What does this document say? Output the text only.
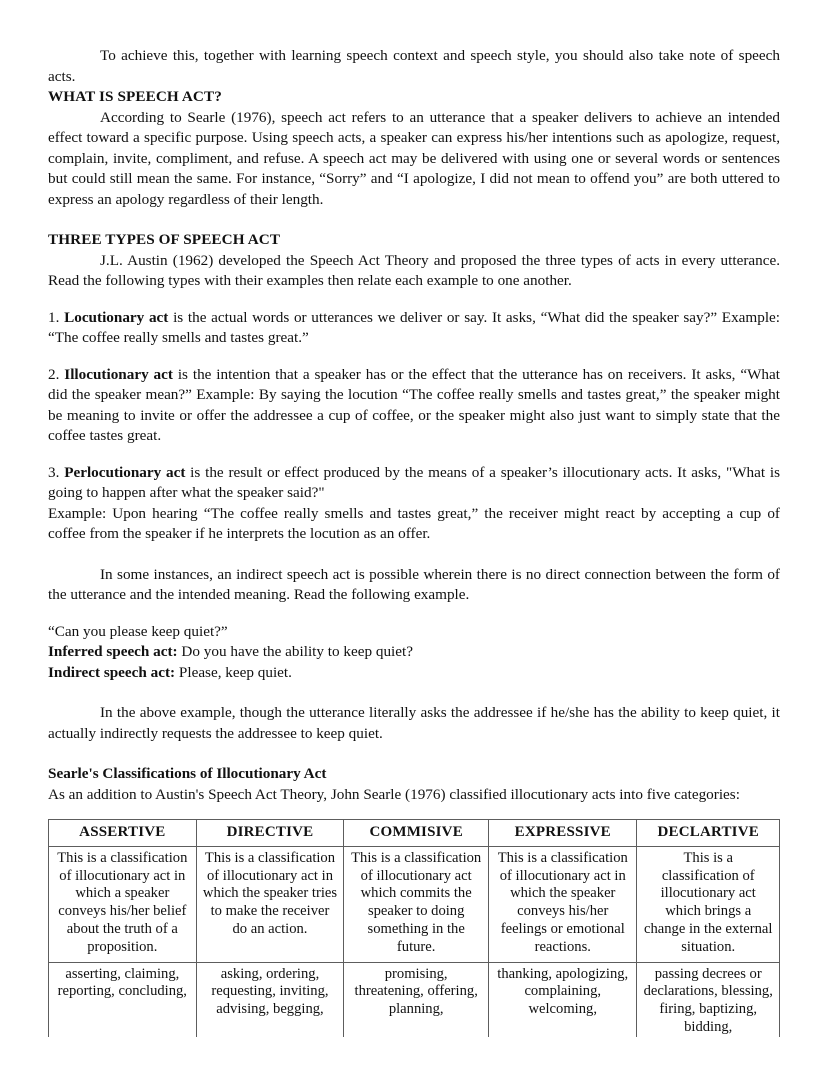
To achieve this, together with learning speech context and speech style, you should also take note of speech acts.

WHAT IS SPEECH ACT?

According to Searle (1976), speech act refers to an utterance that a speaker delivers to achieve an intended effect toward a specific purpose. Using speech acts, a speaker can express his/her intentions such as apologize, request, complain, invite, compliment, and refuse. A speech act may be delivered with using one or several words or sentences but could still mean the same. For instance, “Sorry” and “I apologize, I did not mean to offend you” are both uttered to express an apology regardless of their length.

THREE TYPES OF SPEECH ACT

J.L. Austin (1962) developed the Speech Act Theory and proposed the three types of acts in every utterance. Read the following types with their examples then relate each example to one another.

1. Locutionary act is the actual words or utterances we deliver or say. It asks, “What did the speaker say?” Example: “The coffee really smells and tastes great.”

2. Illocutionary act is the intention that a speaker has or the effect that the utterance has on receivers. It asks, “What did the speaker mean?” Example: By saying the locution “The coffee really smells and tastes great,” the speaker might be meaning to invite or offer the addressee a cup of coffee, or the speaker might also just want to simply state that the coffee tastes great.

3. Perlocutionary act is the result or effect produced by the means of a speaker’s illocutionary acts. It asks, "What is going to happen after what the speaker said?"

Example: Upon hearing “The coffee really smells and tastes great,” the receiver might react by accepting a cup of coffee from the speaker if he interprets the locution as an offer.

In some instances, an indirect speech act is possible wherein there is no direct connection between the form of the utterance and the intended meaning. Read the following example.

“Can you please keep quiet?”

Inferred speech act: Do you have the ability to keep quiet?

Indirect speech act: Please, keep quiet.

In the above example, though the utterance literally asks the addressee if he/she has the ability to keep quiet, it actually indirectly requests the addressee to keep quiet.

Searle's Classifications of Illocutionary Act

As an addition to Austin's Speech Act Theory, John Searle (1976) classified illocutionary acts into five categories:

ASSERTIVE	DIRECTIVE	COMMISIVE	EXPRESSIVE	DECLARTIVE
This is a classification of illocutionary act in which a speaker conveys his/her belief about the truth of a proposition.	This is a classification of illocutionary act in which the speaker tries to make the receiver do an action.	This is a classification of illocutionary act which commits the speaker to doing something in the future.	This is a classification of illocutionary act in which the speaker conveys his/her feelings or emotional reactions.	This is a classification of illocutionary act which brings a change in the external situation.
asserting, claiming, reporting, concluding,	asking, ordering, requesting, inviting, advising, begging,	promising, threatening, offering, planning,	thanking, apologizing, complaining, welcoming,	passing decrees or declarations, blessing, firing, baptizing, bidding,
